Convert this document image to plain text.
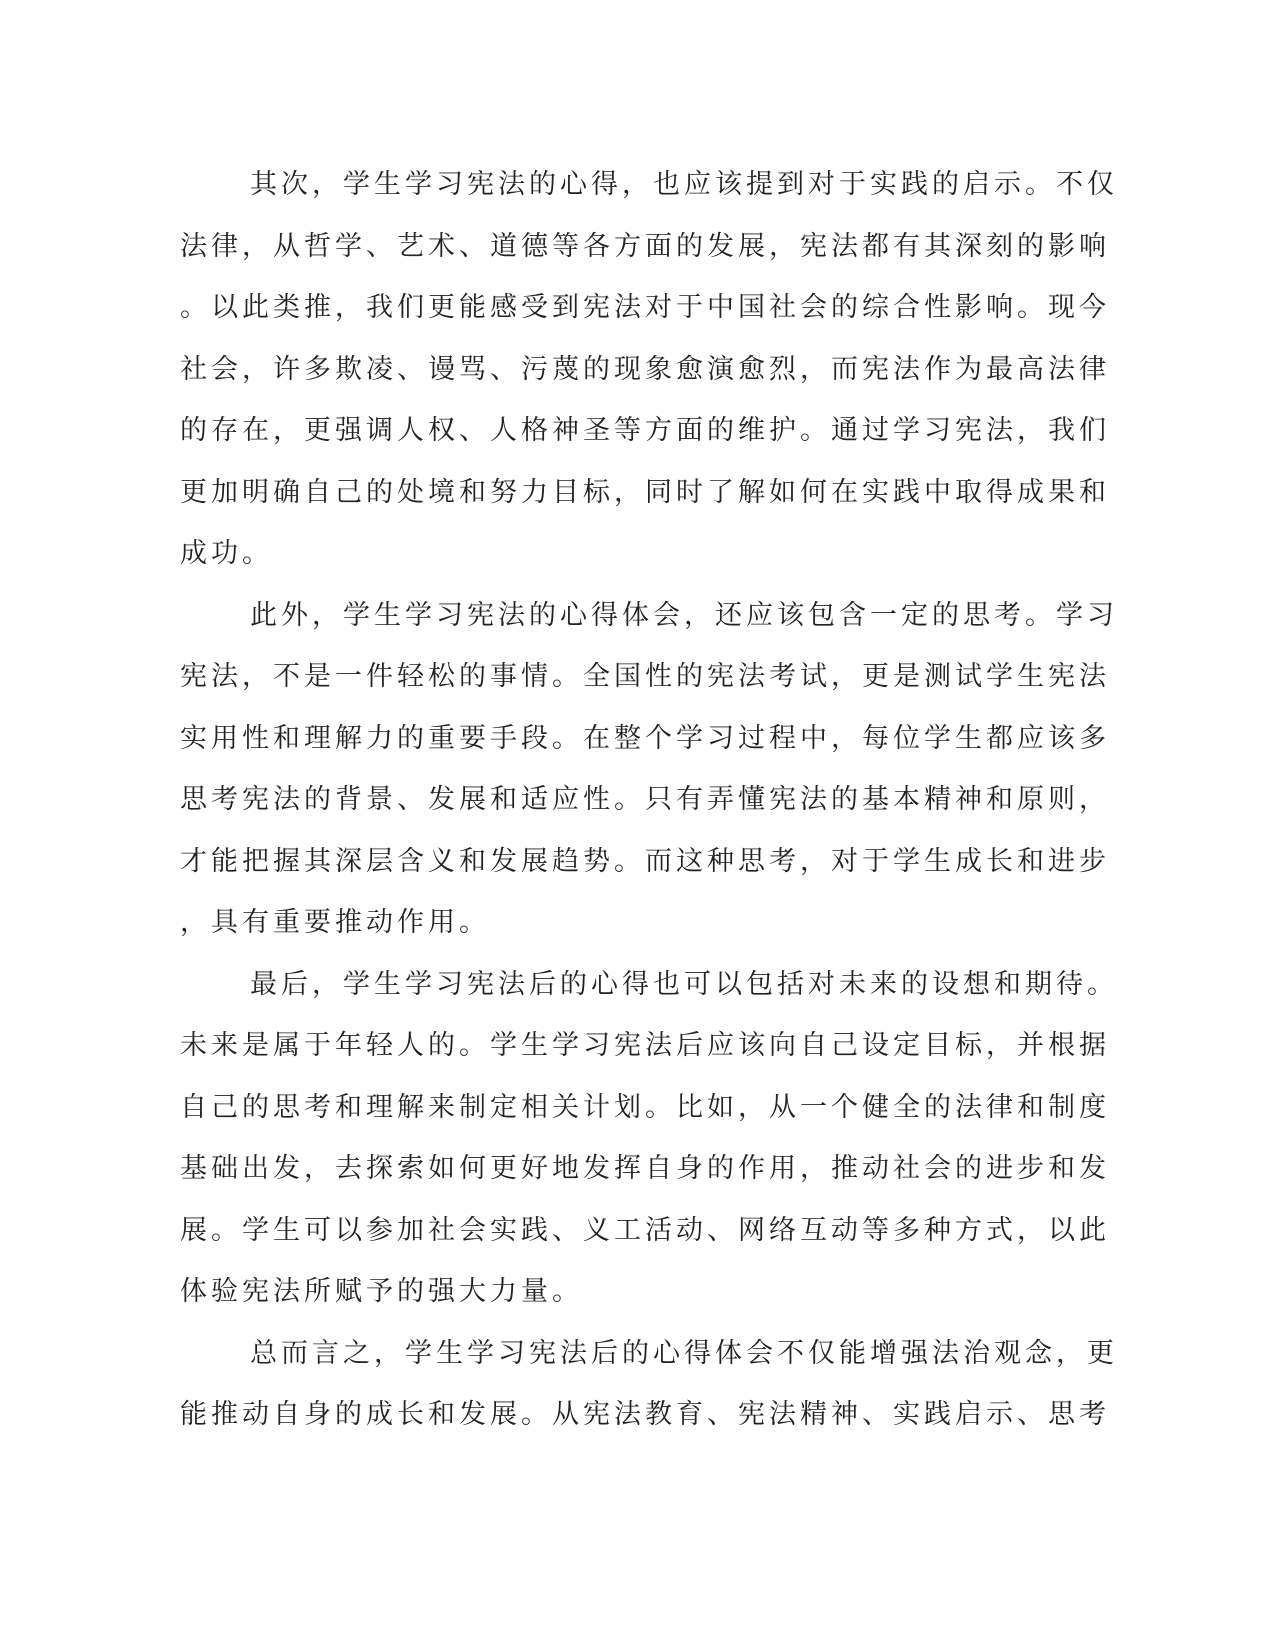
其次，学生学习宪法的心得，也应该提到对于实践的启示。不仅
法律，从哲学、艺术、道德等各方面的发展，宪法都有其深刻的影响
。以此类推，我们更能感受到宪法对于中国社会的综合性影响。现今
社会，许多欺凌、谩骂、污蔑的现象愈演愈烈，而宪法作为最高法律
的存在，更强调人权、人格神圣等方面的维护。通过学习宪法，我们
更加明确自己的处境和努力目标，同时了解如何在实践中取得成果和
成功。
此外，学生学习宪法的心得体会，还应该包含一定的思考。学习
宪法，不是一件轻松的事情。全国性的宪法考试，更是测试学生宪法
实用性和理解力的重要手段。在整个学习过程中，每位学生都应该多
思考宪法的背景、发展和适应性。只有弄懂宪法的基本精神和原则，
才能把握其深层含义和发展趋势。而这种思考，对于学生成长和进步
，具有重要推动作用。
最后，学生学习宪法后的心得也可以包括对未来的设想和期待。
未来是属于年轻人的。学生学习宪法后应该向自己设定目标，并根据
自己的思考和理解来制定相关计划。比如，从一个健全的法律和制度
基础出发，去探索如何更好地发挥自身的作用，推动社会的进步和发
展。学生可以参加社会实践、义工活动、网络互动等多种方式，以此
体验宪法所赋予的强大力量。
总而言之，学生学习宪法后的心得体会不仅能增强法治观念，更
能推动自身的成长和发展。从宪法教育、宪法精神、实践启示、思考
